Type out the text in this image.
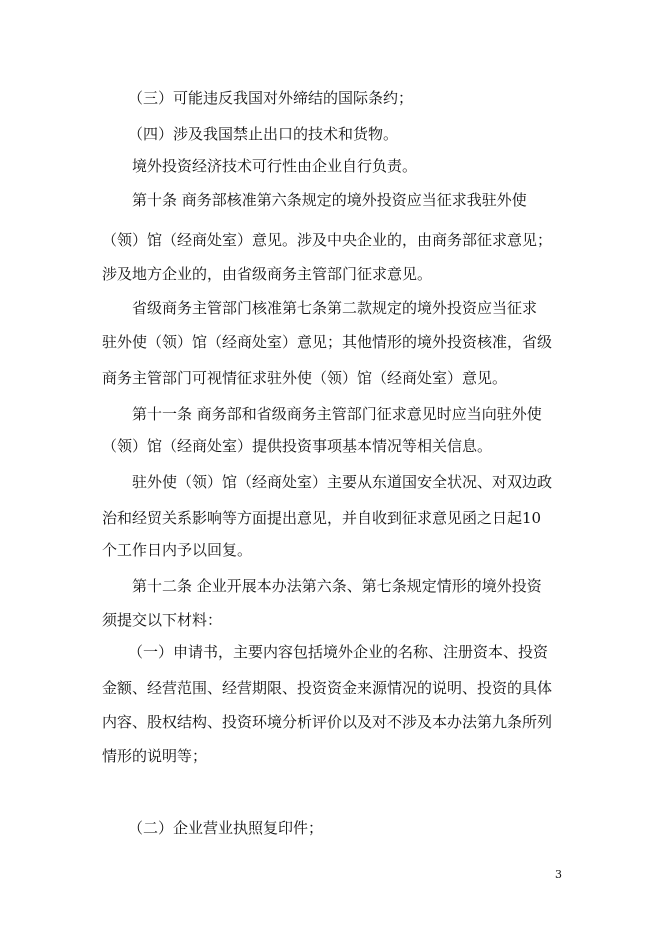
（三）可能违反我国对外缔结的国际条约；
（四）涉及我国禁止出口的技术和货物。
境外投资经济技术可行性由企业自行负责。
第十条 商务部核准第六条规定的境外投资应当征求我驻外使
（领）馆（经商处室）意见。涉及中央企业的，由商务部征求意见；
涉及地方企业的，由省级商务主管部门征求意见。
省级商务主管部门核准第七条第二款规定的境外投资应当征求
驻外使（领）馆（经商处室）意见；其他情形的境外投资核准，省级
商务主管部门可视情征求驻外使（领）馆（经商处室）意见。
第十一条 商务部和省级商务主管部门征求意见时应当向驻外使
（领）馆（经商处室）提供投资事项基本情况等相关信息。
驻外使（领）馆（经商处室）主要从东道国安全状况、对双边政
治和经贸关系影响等方面提出意见，并自收到征求意见函之日起10
个工作日内予以回复。
第十二条 企业开展本办法第六条、第七条规定情形的境外投资
须提交以下材料：
（一）申请书，主要内容包括境外企业的名称、注册资本、投资
金额、经营范围、经营期限、投资资金来源情况的说明、投资的具体
内容、股权结构、投资环境分析评价以及对不涉及本办法第九条所列
情形的说明等；
（二）企业营业执照复印件；
3
